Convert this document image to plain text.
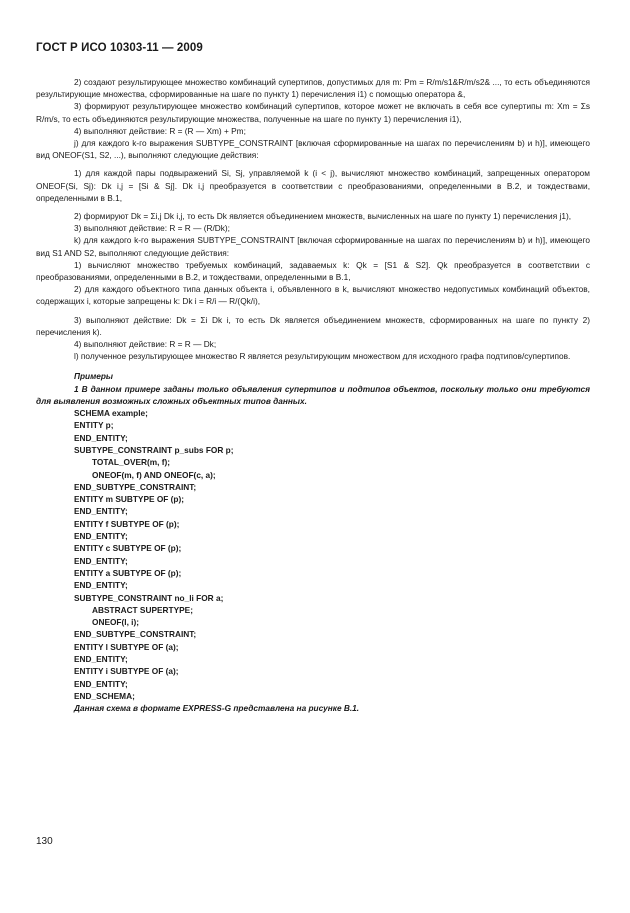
ГОСТ Р ИСО 10303-11 — 2009

2) создают результирующее множество комбинаций супертипов, допустимых для m: Pm = R/m/s1&R/m/s2& ..., то есть объединяются результирующие множества, сформированные на шаге по пункту 1) перечисления i1) с помощью оператора &,

3) формируют результирующее множество комбинаций супертипов, которое может не включать в себя все супертипы m: Xm = Σs R/m/s, то есть объединяются результирующие множества, полученные на шаге по пункту 1) перечисления i1),

4) выполняют действие: R = (R — Xm) + Pm;

j) для каждого k-го выражения SUBTYPE_CONSTRAINT [включая сформированные на шагах по перечислениям b) и h)], имеющего вид ONEOF(S1, S2, ...), выполняют следующие действия:

1) для каждой пары подвыражений Si, Sj, управляемой k (i < j), вычисляют множество комбинаций, запрещенных оператором ONEOF(Si, Sj): Dk i,j = [Si & Sj]. Dk i,j преобразуется в соответствии с преобразованиями, определенными в B.2, и тождествами, определенными в B.1,

2) формируют Dk = Σi,j Dk i,j, то есть Dk является объединением множеств, вычисленных на шаге по пункту 1) перечисления j1),

3) выполняют действие: R = R — (R/Dk);

k) для каждого k-го выражения SUBTYPE_CONSTRAINT [включая сформированные на шагах по перечислениям b) и h)], имеющего вид S1 AND S2, выполняют следующие действия:

1) вычисляют множество требуемых комбинаций, задаваемых k: Qk = [S1 & S2]. Qk преобразуется в соответствии с преобразованиями, определенными в B.2, и тождествами, определенными в B.1,

2) для каждого объектного типа данных объекта i, объявленного в k, вычисляют множество недопустимых комбинаций объектов, содержащих i, которые запрещены k: Dk i = R/i — R/(Qk/i),

3) выполняют действие: Dk = Σi Dk i, то есть Dk является объединением множеств, сформированных на шаге по пункту 2) перечисления k).

4) выполняют действие: R = R — Dk;

l) полученное результирующее множество R является результирующим множеством для исходного графа подтипов/супертипов.

Примеры

1 В данном примере заданы только объявления супертипов и подтипов объектов, поскольку только они требуются для выявления возможных сложных объектных типов данных.

SCHEMA example;

ENTITY p;

END_ENTITY;

SUBTYPE_CONSTRAINT p_subs FOR p;

TOTAL_OVER(m, f);

ONEOF(m, f) AND ONEOF(c, a);

END_SUBTYPE_CONSTRAINT;

ENTITY m SUBTYPE OF (p);

END_ENTITY;

ENTITY f SUBTYPE OF (p);

END_ENTITY;

ENTITY c SUBTYPE OF (p);

END_ENTITY;

ENTITY a SUBTYPE OF (p);

END_ENTITY;

SUBTYPE_CONSTRAINT no_li FOR a;

ABSTRACT SUPERTYPE;

ONEOF(l, i);

END_SUBTYPE_CONSTRAINT;

ENTITY l SUBTYPE OF (a);

END_ENTITY;

ENTITY i SUBTYPE OF (a);

END_ENTITY;

END_SCHEMA;

Данная схема в формате EXPRESS-G представлена на рисунке B.1.

130
